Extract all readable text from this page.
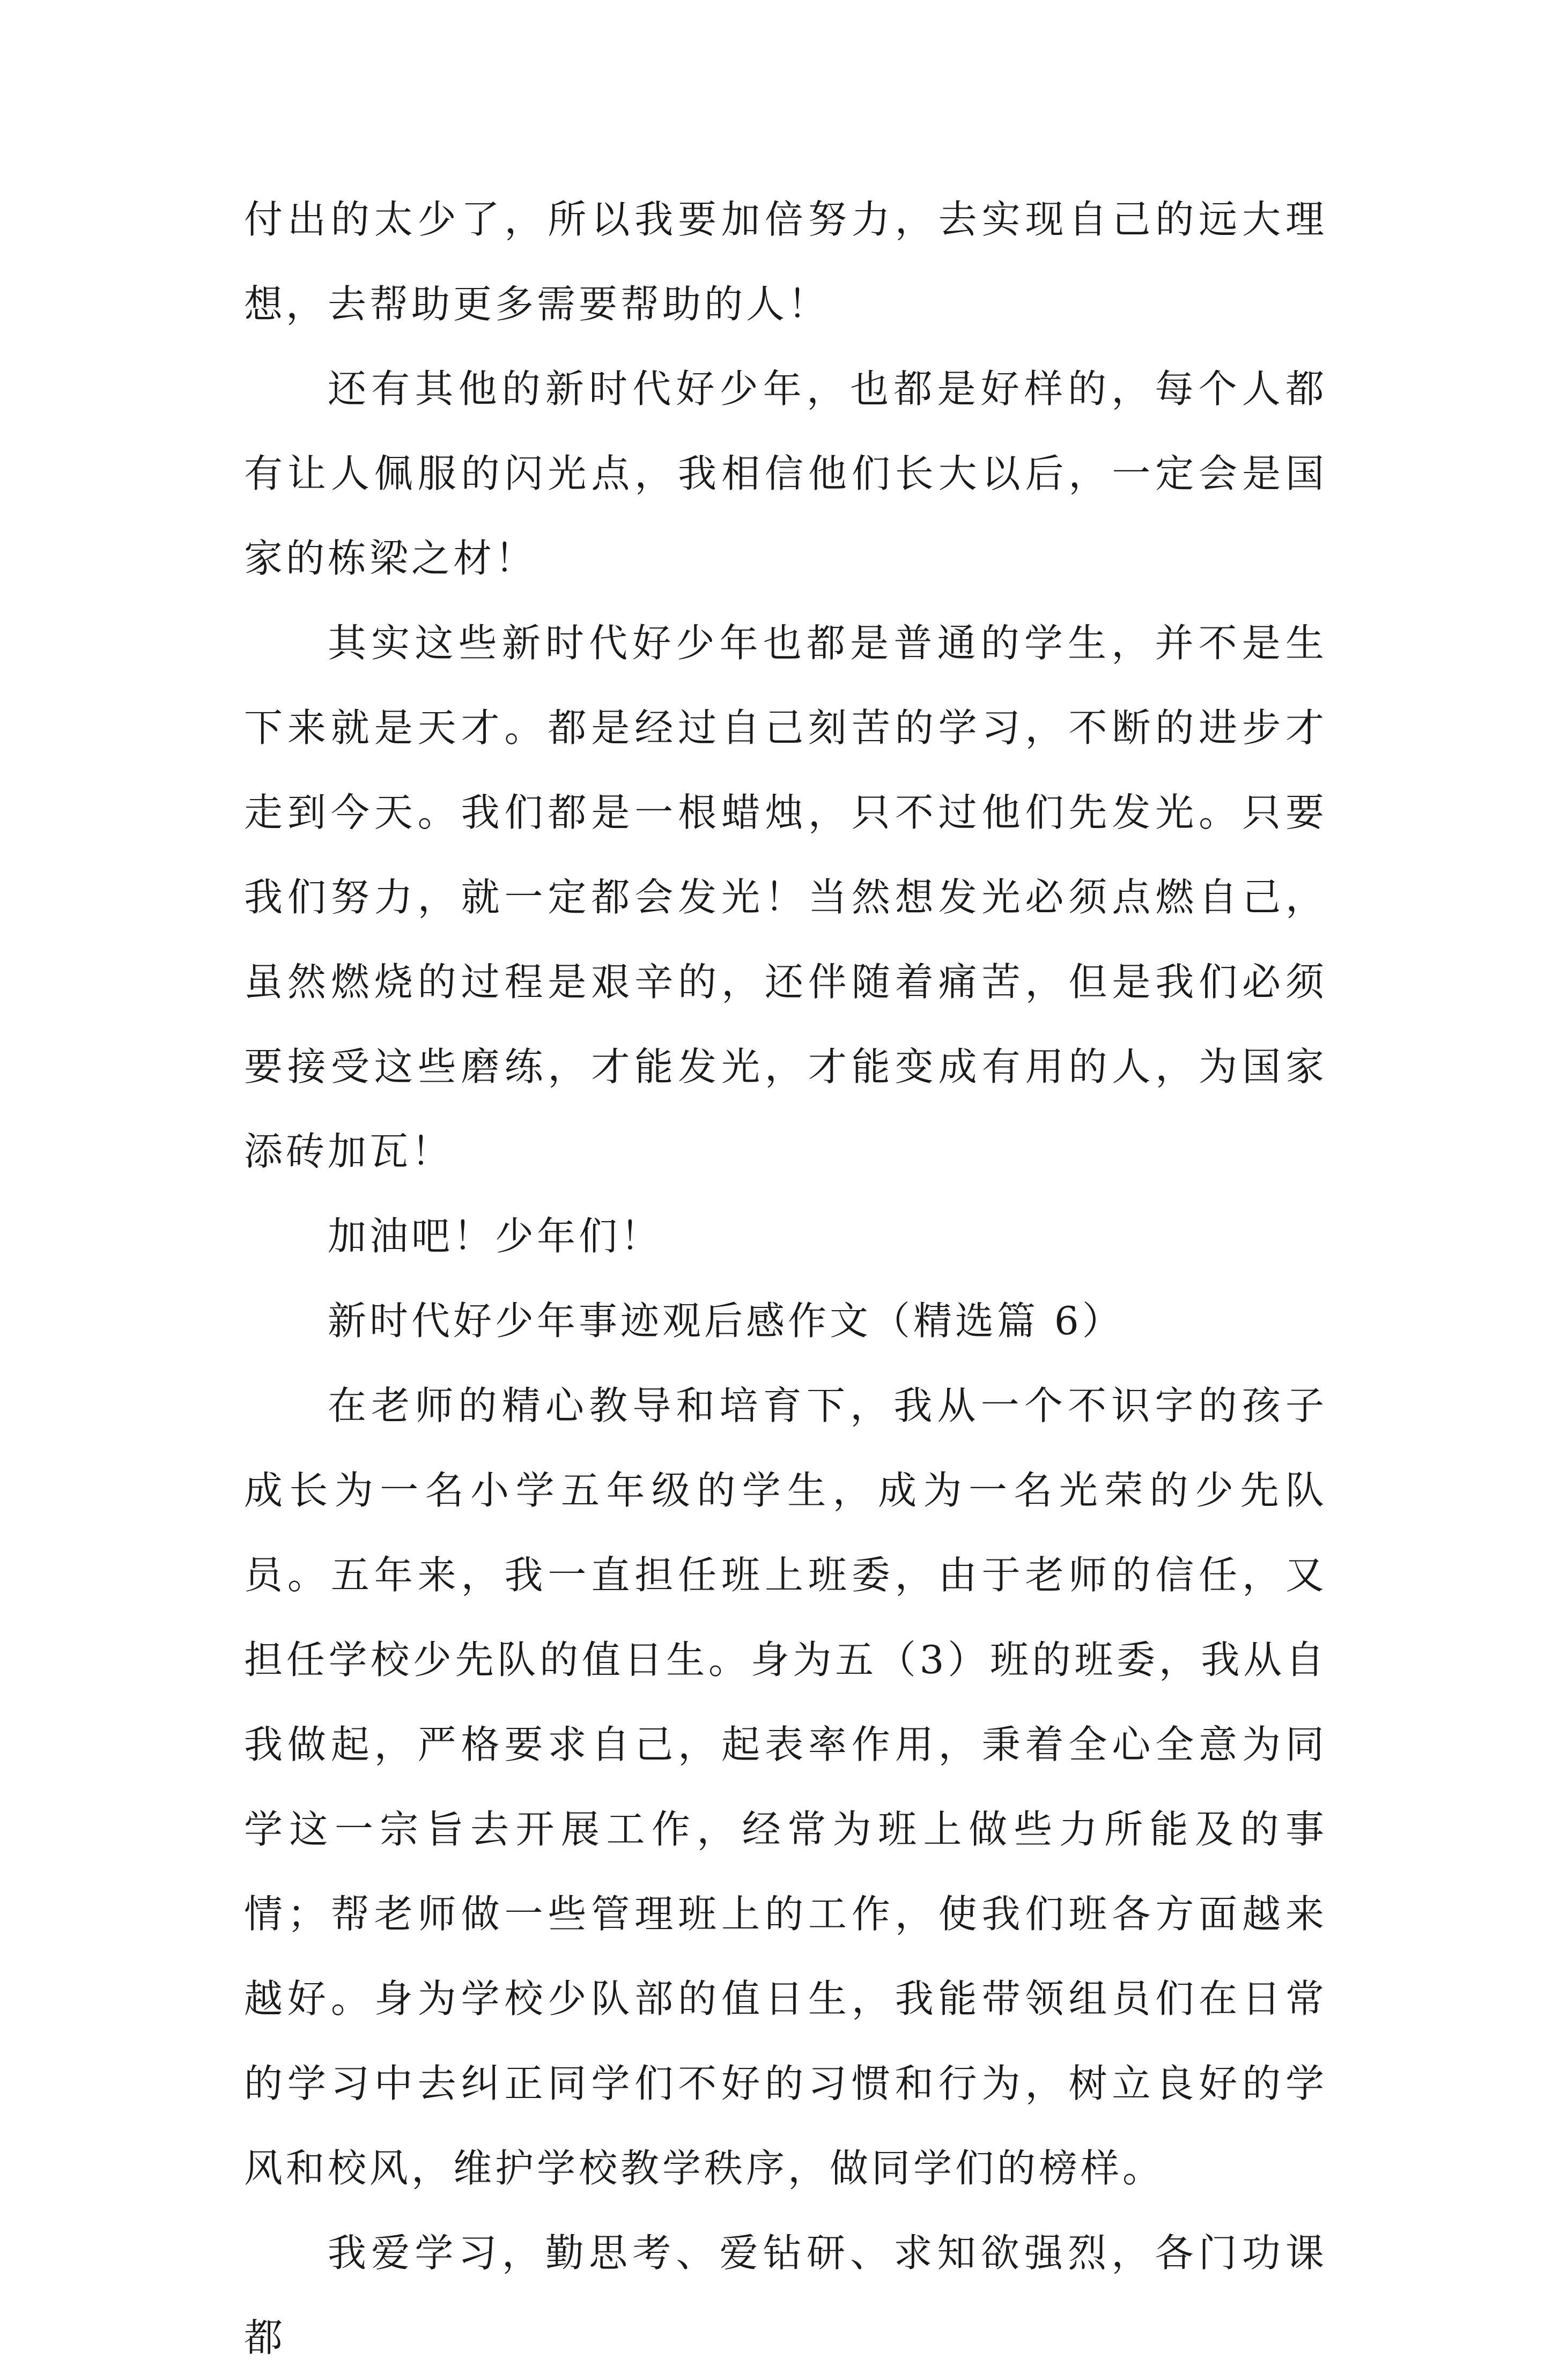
付出的太少了，所以我要加倍努力，去实现自己的远大理想，去帮助更多需要帮助的人！

还有其他的新时代好少年，也都是好样的，每个人都有让人佩服的闪光点，我相信他们长大以后，一定会是国家的栋梁之材！

其实这些新时代好少年也都是普通的学生，并不是生下来就是天才。都是经过自己刻苦的学习，不断的进步才走到今天。我们都是一根蜡烛，只不过他们先发光。只要我们努力，就一定都会发光！当然想发光必须点燃自己，虽然燃烧的过程是艰辛的，还伴随着痛苦，但是我们必须要接受这些磨练，才能发光，才能变成有用的人，为国家添砖加瓦！

加油吧！少年们！

新时代好少年事迹观后感作文（精选篇 6）

在老师的精心教导和培育下，我从一个不识字的孩子成长为一名小学五年级的学生，成为一名光荣的少先队员。五年来，我一直担任班上班委，由于老师的信任，又担任学校少先队的值日生。身为五（3）班的班委，我从自我做起，严格要求自己，起表率作用，秉着全心全意为同学这一宗旨去开展工作，经常为班上做些力所能及的事情；帮老师做一些管理班上的工作，使我们班各方面越来越好。身为学校少队部的值日生，我能带领组员们在日常的学习中去纠正同学们不好的习惯和行为，树立良好的学风和校风，维护学校教学秩序，做同学们的榜样。

我爱学习，勤思考、爱钻研、求知欲强烈，各门功课都
